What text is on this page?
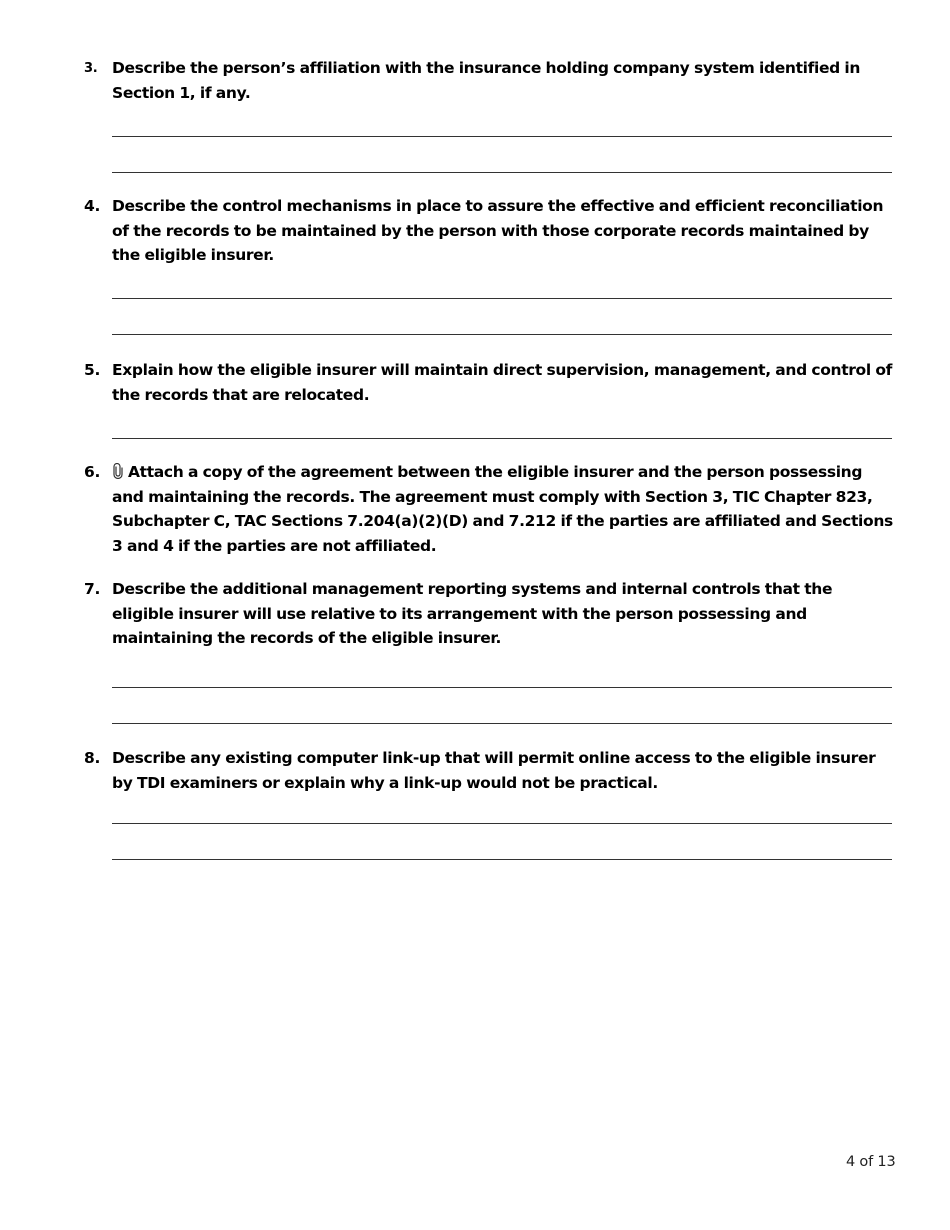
3. Describe the person’s affiliation with the insurance holding company system identified in Section 1, if any.
4. Describe the control mechanisms in place to assure the effective and efficient reconciliation of the records to be maintained by the person with those corporate records maintained by the eligible insurer.
5. Explain how the eligible insurer will maintain direct supervision, management, and control of the records that are relocated.
6.	Attach a copy of the agreement between the eligible insurer and the person possessing and maintaining the records. The agreement must comply with Section 3, TIC Chapter 823, Subchapter C, TAC Sections 7.204(a)(2)(D) and 7.212 if the parties are affiliated and Sections 3 and 4 if the parties are not affiliated.
7. Describe the additional management reporting systems and internal controls that the eligible insurer will use relative to its arrangement with the person possessing and maintaining the records of the eligible insurer.
8. Describe any existing computer link-up that will permit online access to the eligible insurer by TDI examiners or explain why a link-up would not be practical.
4 of 13
